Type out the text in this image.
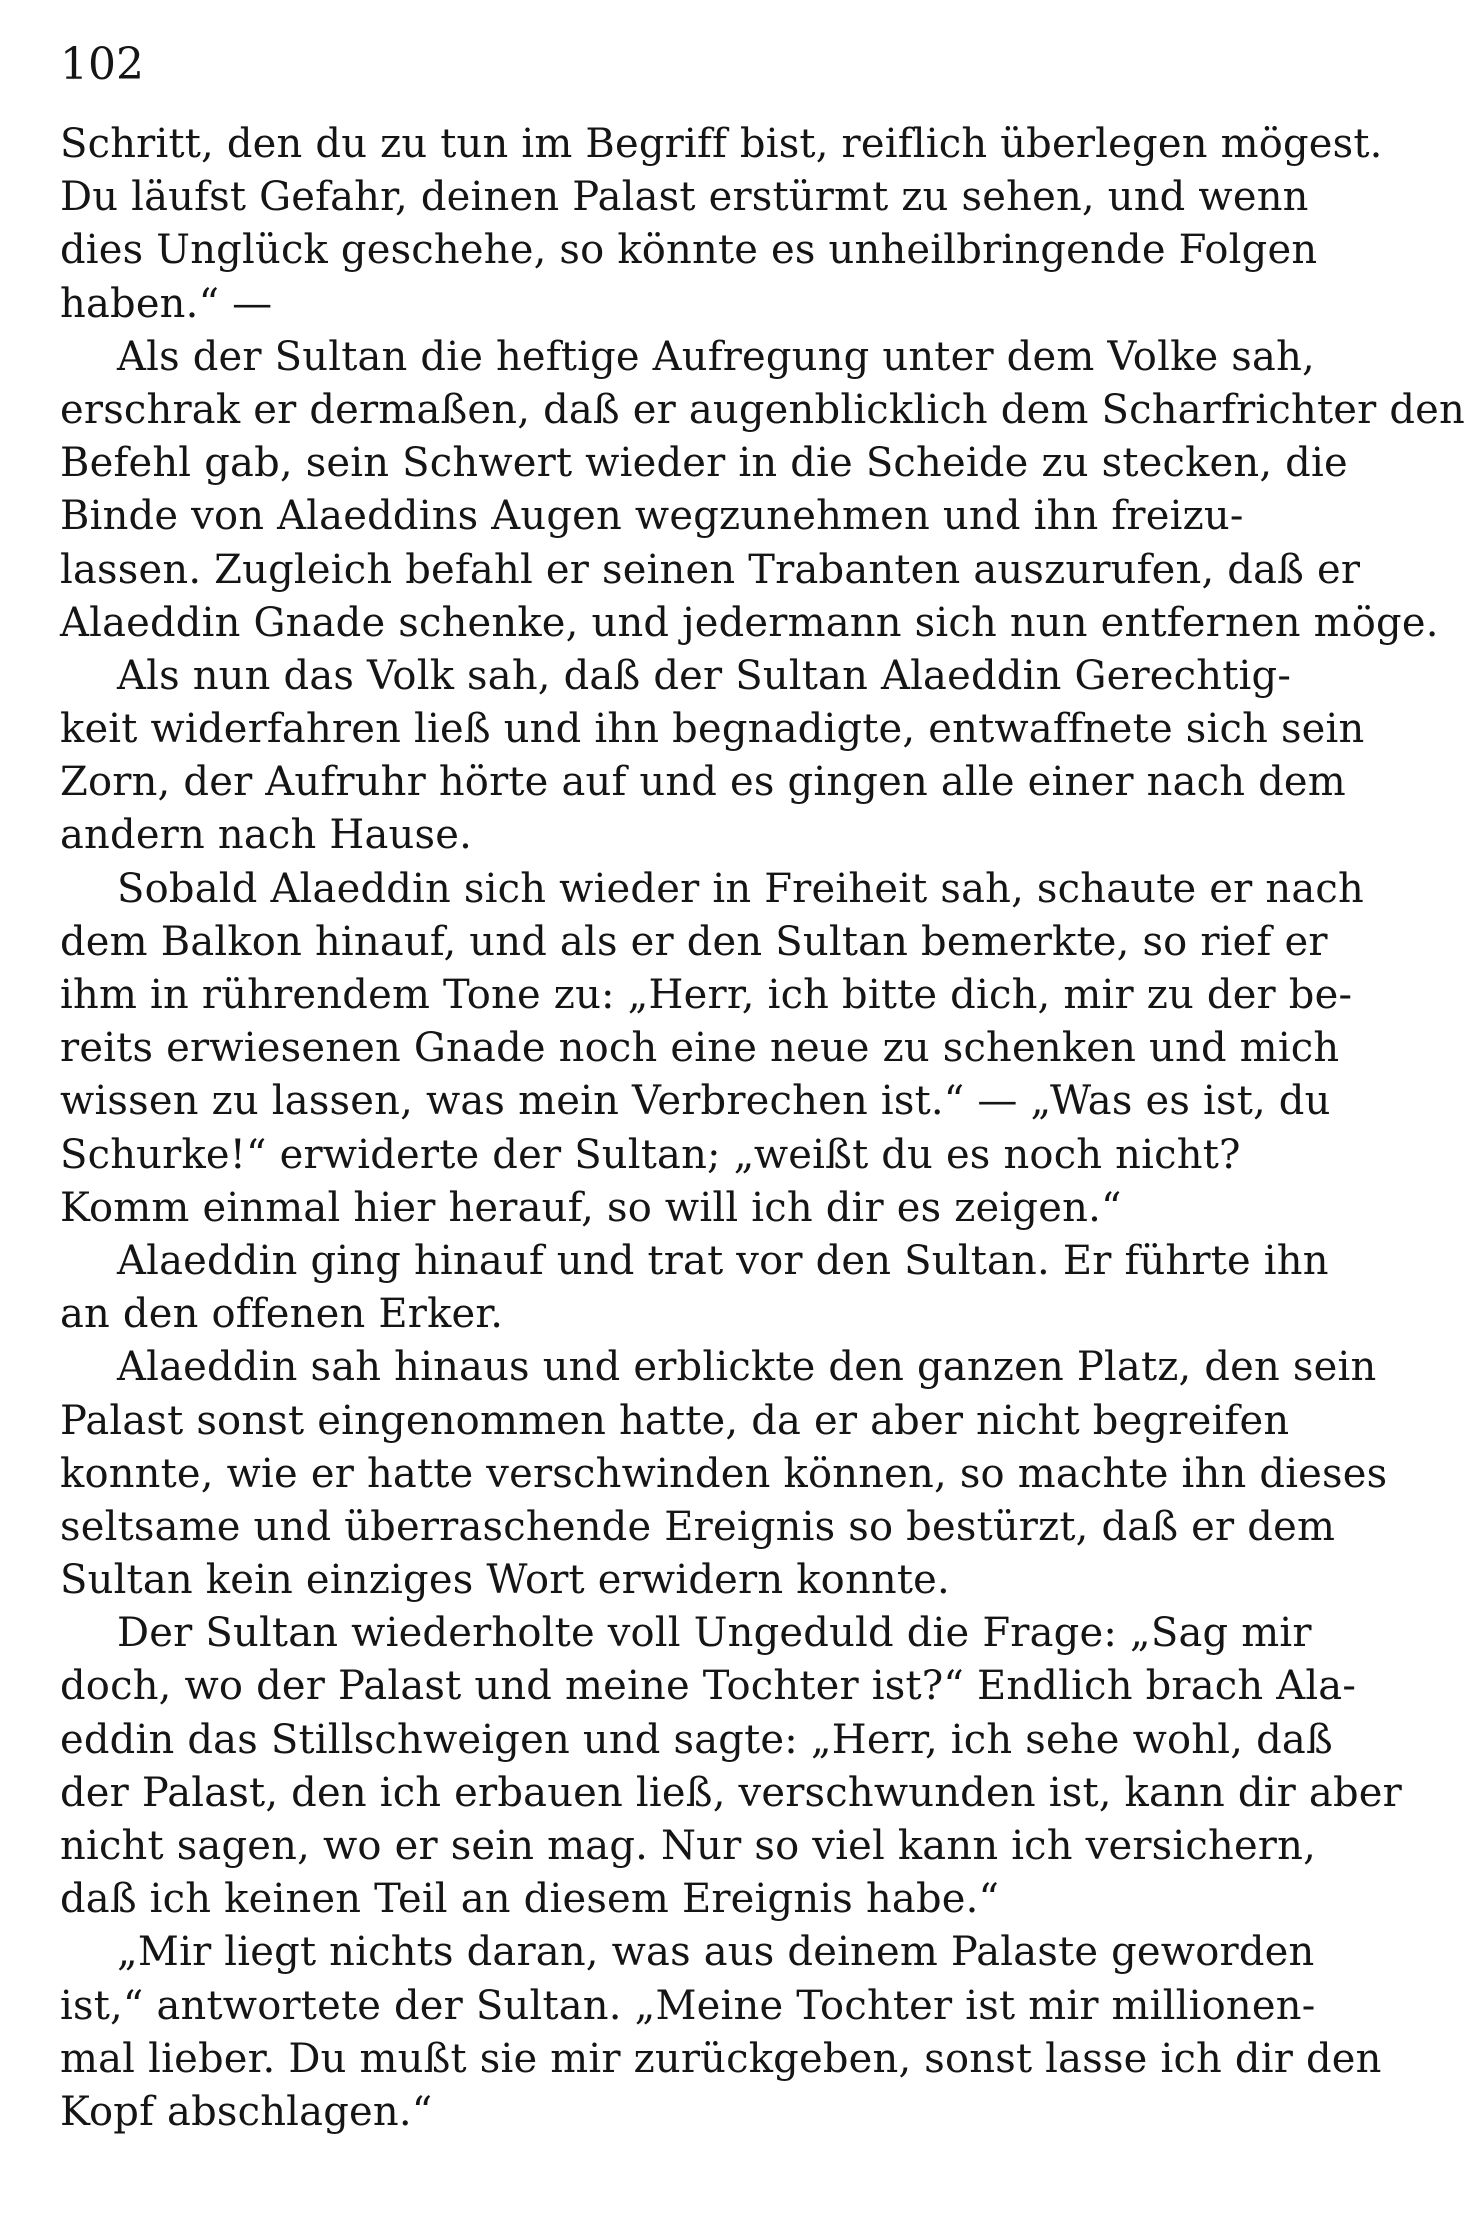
102
Schritt, den du zu tun im Begriff bist, reiflich überlegen mögest.
Du läufst Gefahr, deinen Palast erstürmt zu sehen, und wenn
dies Unglück geschehe, so könnte es unheilbringende Folgen
haben.“ —
Als der Sultan die heftige Aufregung unter dem Volke sah,
erschrak er dermaßen, daß er augenblicklich dem Scharfrichter den
Befehl gab, sein Schwert wieder in die Scheide zu stecken, die
Binde von Alaeddins Augen wegzunehmen und ihn freizu-
lassen. Zugleich befahl er seinen Trabanten auszurufen, daß er
Alaeddin Gnade schenke, und jedermann sich nun entfernen möge.
Als nun das Volk sah, daß der Sultan Alaeddin Gerechtig-
keit widerfahren ließ und ihn begnadigte, entwaffnete sich sein
Zorn, der Aufruhr hörte auf und es gingen alle einer nach dem
andern nach Hause.
Sobald Alaeddin sich wieder in Freiheit sah, schaute er nach
dem Balkon hinauf, und als er den Sultan bemerkte, so rief er
ihm in rührendem Tone zu: „Herr, ich bitte dich, mir zu der be-
reits erwiesenen Gnade noch eine neue zu schenken und mich
wissen zu lassen, was mein Verbrechen ist.“ — „Was es ist, du
Schurke!“ erwiderte der Sultan; „weißt du es noch nicht?
Komm einmal hier herauf, so will ich dir es zeigen.“
Alaeddin ging hinauf und trat vor den Sultan. Er führte ihn
an den offenen Erker.
Alaeddin sah hinaus und erblickte den ganzen Platz, den sein
Palast sonst eingenommen hatte, da er aber nicht begreifen
konnte, wie er hatte verschwinden können, so machte ihn dieses
seltsame und überraschende Ereignis so bestürzt, daß er dem
Sultan kein einziges Wort erwidern konnte.
Der Sultan wiederholte voll Ungeduld die Frage: „Sag mir
doch, wo der Palast und meine Tochter ist?“ Endlich brach Ala-
eddin das Stillschweigen und sagte: „Herr, ich sehe wohl, daß
der Palast, den ich erbauen ließ, verschwunden ist, kann dir aber
nicht sagen, wo er sein mag. Nur so viel kann ich versichern,
daß ich keinen Teil an diesem Ereignis habe.“
„Mir liegt nichts daran, was aus deinem Palaste geworden
ist,“ antwortete der Sultan. „Meine Tochter ist mir millionen-
mal lieber. Du mußt sie mir zurückgeben, sonst lasse ich dir den
Kopf abschlagen.“
